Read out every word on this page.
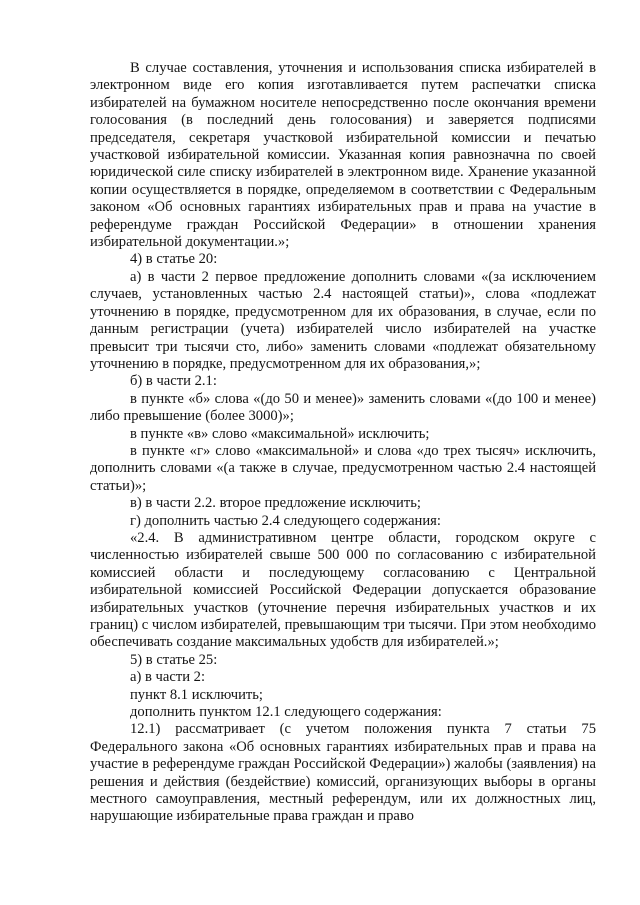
В случае составления, уточнения и использования списка избирателей в электронном виде его копия изготавливается путем распечатки списка избирателей на бумажном носителе непосредственно после окончания времени голосования (в последний день голосования) и заверяется подписями председателя, секретаря участковой избирательной комиссии и печатью участковой избирательной комиссии. Указанная копия равнозначна по своей юридической силе списку избирателей в электронном виде. Хранение указанной копии осуществляется в порядке, определяемом в соответствии с Федеральным законом «Об основных гарантиях избирательных прав и права на участие в референдуме граждан Российской Федерации» в отношении хранения избирательной документации.»;

4) в статье 20:

а) в части 2 первое предложение дополнить словами «(за исключением случаев, установленных частью 2.4 настоящей статьи)», слова «подлежат уточнению в порядке, предусмотренном для их образования, в случае, если по данным регистрации (учета) избирателей число избирателей на участке превысит три тысячи сто, либо» заменить словами «подлежат обязательному уточнению в порядке, предусмотренном для их образования,»;

б) в части 2.1:

в пункте «б» слова «(до 50 и менее)» заменить словами «(до 100 и менее) либо превышение (более 3000)»;

в пункте «в» слово «максимальной» исключить;

в пункте «г» слово «максимальной» и слова «до трех тысяч» исключить, дополнить словами «(а также в случае, предусмотренном частью 2.4 настоящей статьи)»;

в) в части 2.2. второе предложение исключить;

г) дополнить частью 2.4 следующего содержания:

«2.4. В административном центре области, городском округе с численностью избирателей свыше 500 000 по согласованию с избирательной комиссией области и последующему согласованию с Центральной избирательной комиссией Российской Федерации допускается образование избирательных участков (уточнение перечня избирательных участков и их границ) с числом избирателей, превышающим три тысячи. При этом необходимо обеспечивать создание максимальных удобств для избирателей.»;

5) в статье 25:

а) в части 2:

пункт 8.1 исключить;

дополнить пунктом 12.1 следующего содержания:

12.1) рассматривает (с учетом положения пункта 7 статьи 75 Федерального закона «Об основных гарантиях избирательных прав и права на участие в референдуме граждан Российской Федерации») жалобы (заявления) на решения и действия (бездействие) комиссий, организующих выборы в органы местного самоуправления, местный референдум, или их должностных лиц, нарушающие избирательные права граждан и право
